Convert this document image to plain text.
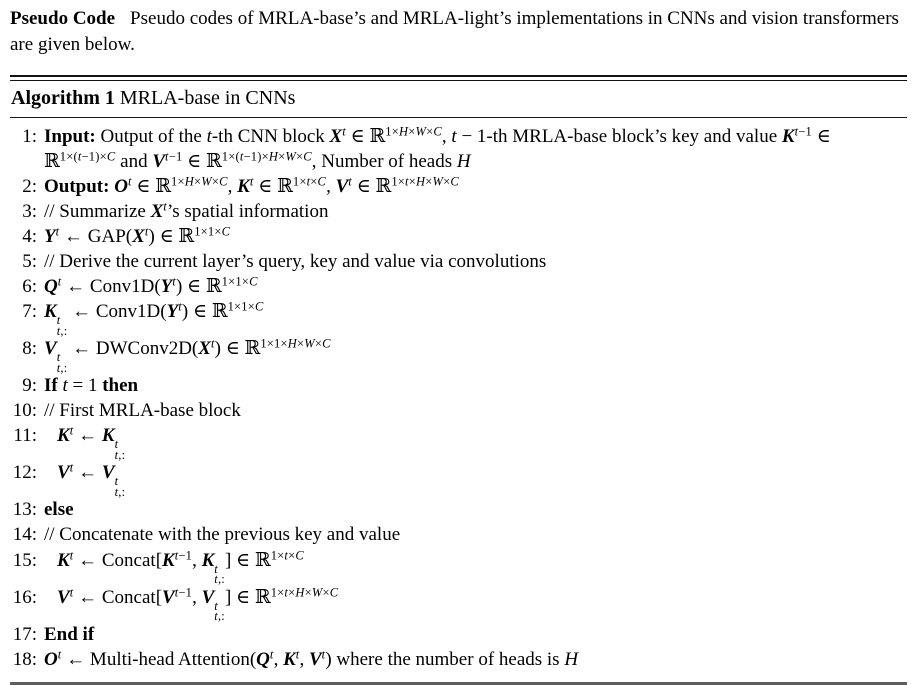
Pseudo Code Pseudo codes of MRLA-base’s and MRLA-light’s implementations in CNNs and vision transformers are given below.

Algorithm 1 MRLA-base in CNNs
1: Input: Output of the t-th CNN block $X^t$ ∈ ℝ$^{1\times H\times W\times C}$, t − 1-th MRLA-base block’s key and value $K^{t-1}$ ∈ ℝ$^{1\times(t-1)\times C}$ and $V^{t-1}$ ∈ ℝ$^{1\times(t-1)\times H\times W\times C}$, Number of heads H
2: Output: $O^t$ ∈ ℝ$^{1\times H\times W\times C}$, $K^t$ ∈ ℝ$^{1\times t\times C}$, $V^t$ ∈ ℝ$^{1\times t\times H\times W\times C}$
3: // Summarize $X^t’s$ spatial information
4: $Y^t$ ← $GAP(X^t)$ ∈ ℝ$^{1\times 1\times C}$
5: // Derive the current layer’s query, key and value via convolutions
6: $Q^t$ ← $Conv1D(Y^t)$ ∈ ℝ$^{1\times 1\times C}$
7: K t
t,:
← $Conv1D(Y^t)$ ∈ ℝ$^{1\times 1\times C}$
8: V t
t,:
← $DWConv2D(X^t)$ ∈ ℝ$^{1\times 1\times H\times W\times C}$
9: If t = 1 then
10: // First MRLA-base block
11: $K^t$ ← K t
t,:
12: $V^t$ ← V t
t,:
13: else
14: // Concatenate with the previous key and value
15: $K^t$ ← $Concat[K^{t-1}$, K t
t,:
] ∈ ℝ$^{1\times t\times C}$
16: $V^t$ ← $Concat[V^{t-1}$, V t
t,:
] ∈ ℝ$^{1\times t\times H\times W\times C}$
17: End if
18: $O^t$ ← Multi-head $Attention(Q^t$, $K^t$, $V^t$) where the number of heads is H
